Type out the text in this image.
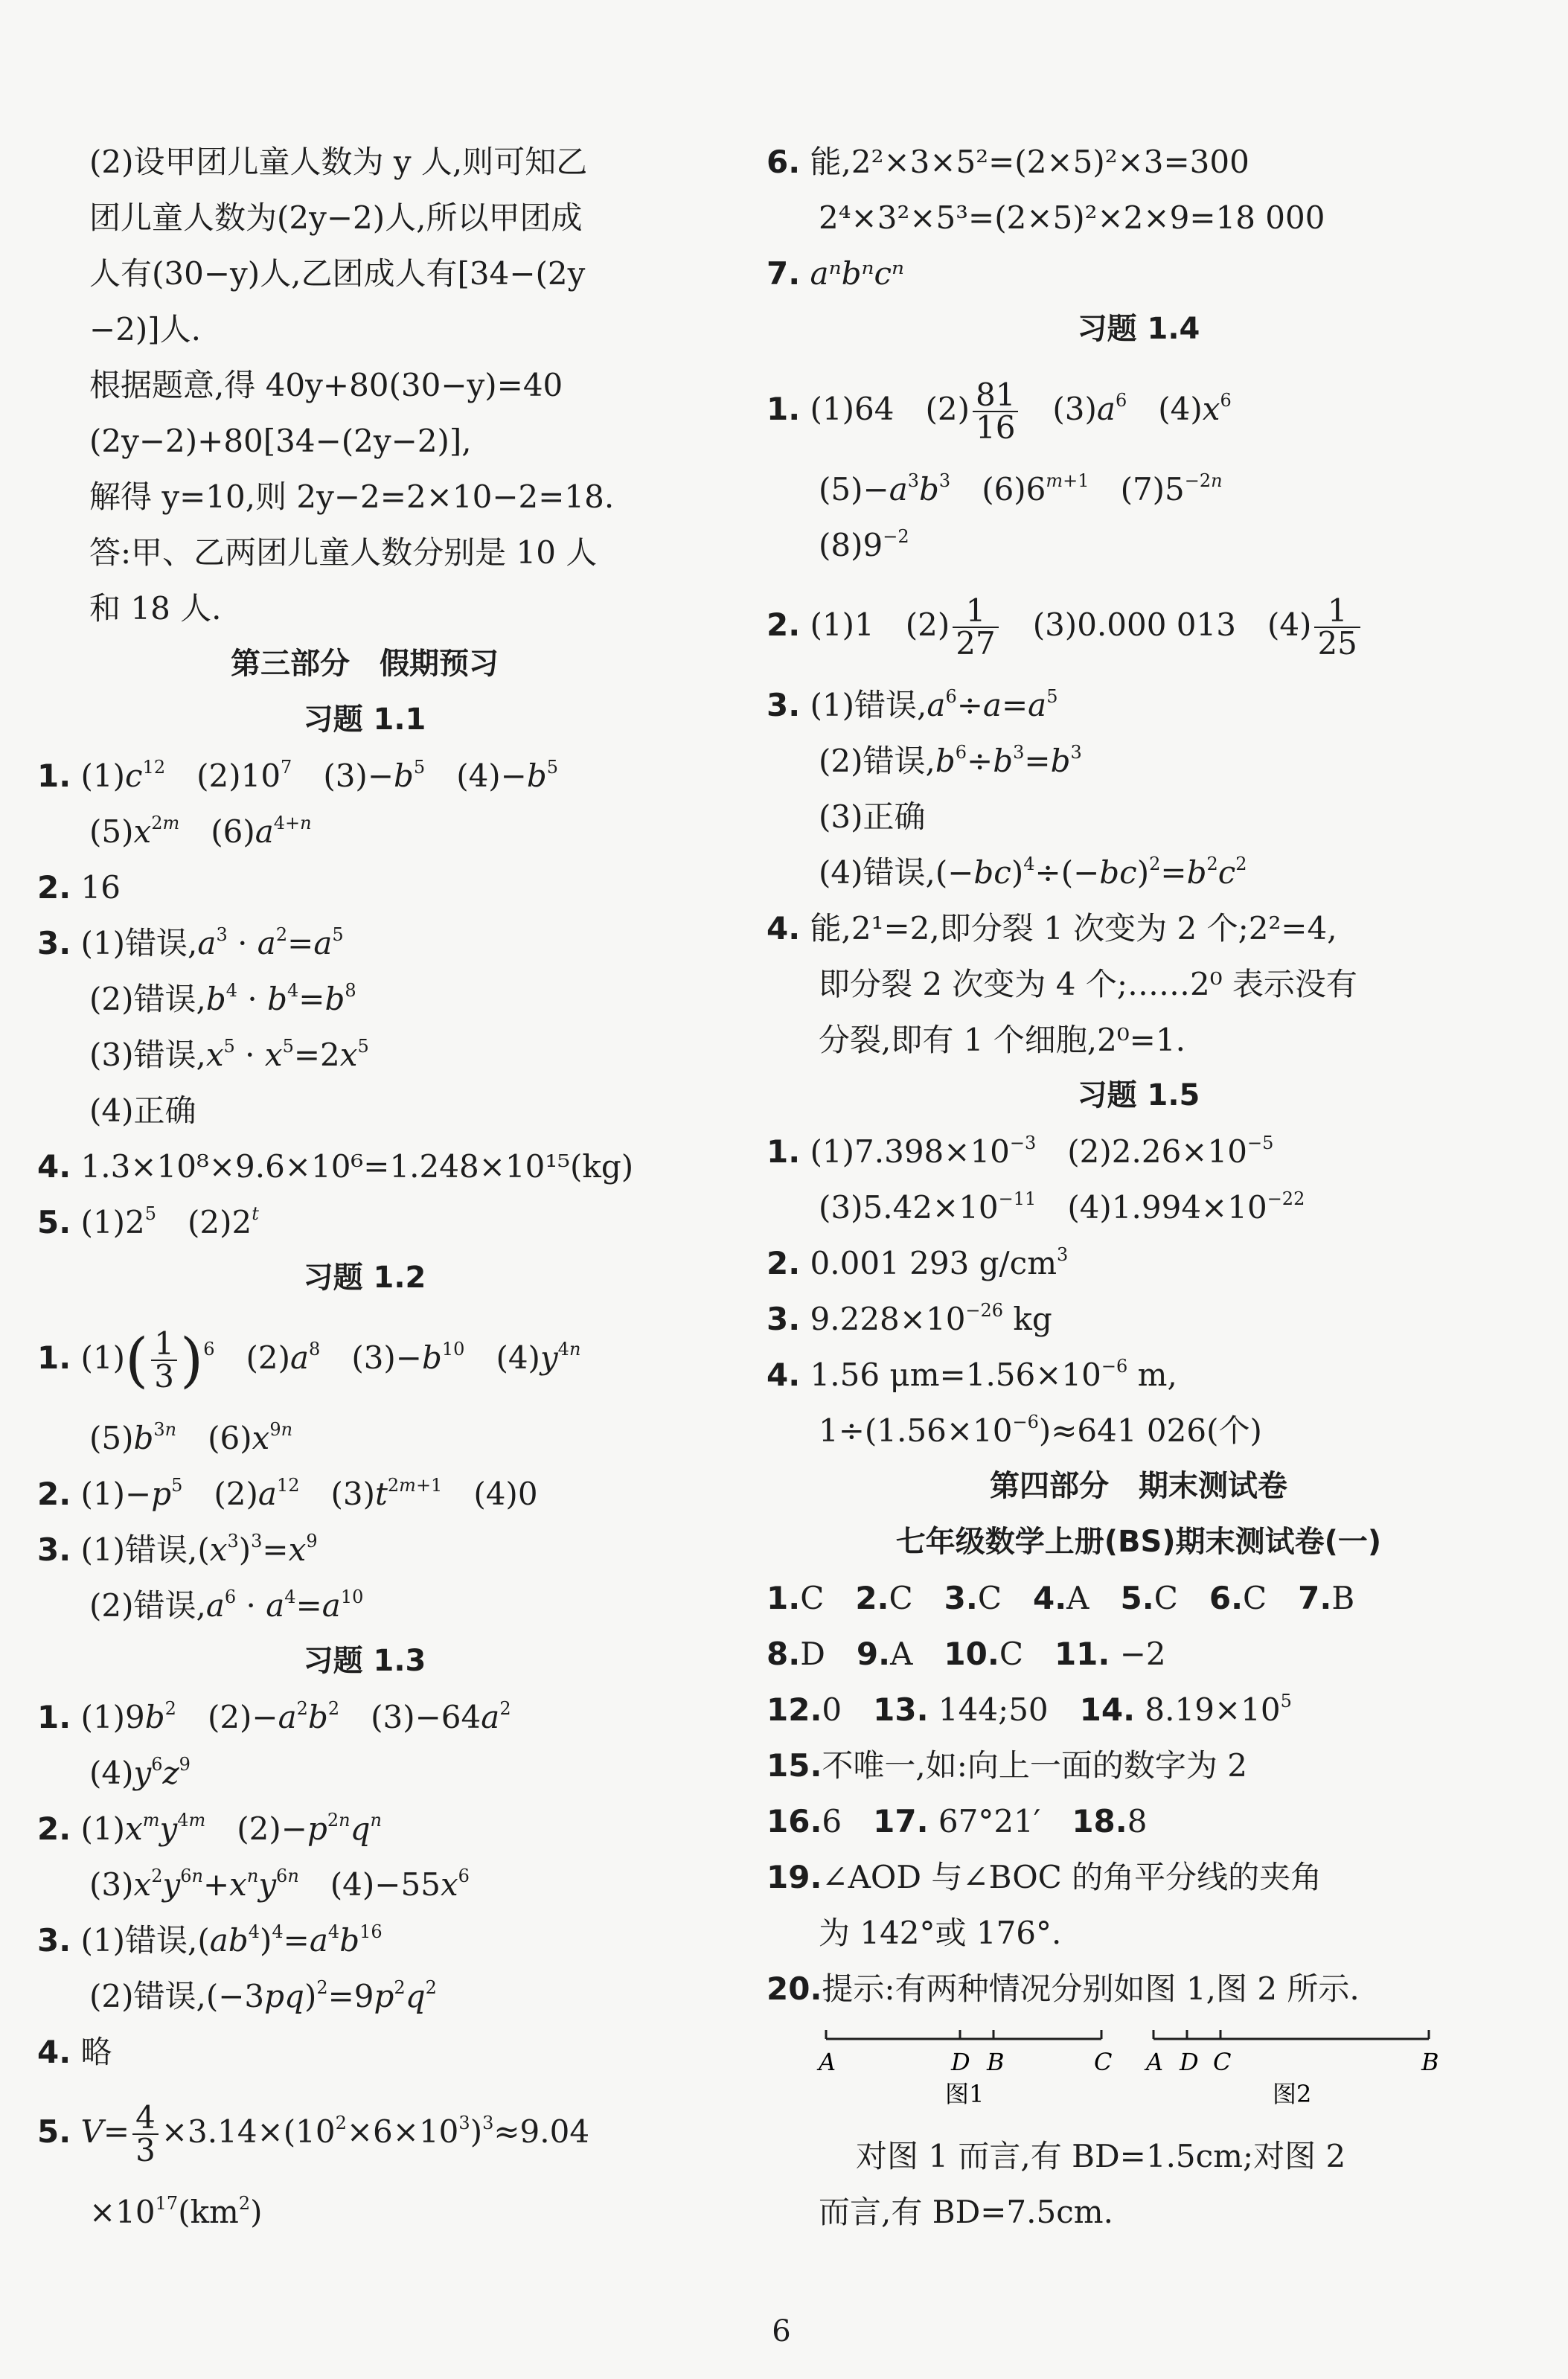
(2)设甲团儿童人数为 y 人,则可知乙
团儿童人数为(2y−2)人,所以甲团成
人有(30−y)人,乙团成人有[34−(2y
−2)]人.
根据题意,得 40y+80(30−y)=40
(2y−2)+80[34−(2y−2)],
解得 y=10,则 2y−2=2×10−2=18.
答:甲、乙两团儿童人数分别是 10 人
和 18 人.
第三部分　假期预习
习题 1.1
1. $(1)c^{12}$　$(2)10^7$　$(3)-b^5$　$(4)-b^5$
$(5)x^{2m}$　$(6)a^{4+n}$
2. 16
3. (1)错误$,a^3 \cdot a^2=a^5$
(2)错误$,b^4 \cdot b^4=b^8$
(3)错误$,x^5 \cdot x^5=2x^5$
(4)正确
4. 1.3×10⁸×9.6×10⁶=1.248×10¹⁵(kg)
5. $(1)2^5$　(2)2$^t$
习题 1.2
1. $(1)( \frac{1}{3} )^6$　$(2)a^8$　$(3)-b^{10}$　$(4)y^{4n}$
$(5)b^{3n}$　$(6)x^{9n}$
2. $(1)-p^5$　$(2)a^{12}$　$(3)t^{2m+1}$　(4)0
3. (1)错误$,(x^3)^3=x^9$
(2)错误$,a^6 \cdot a^4=a^{10}$
习题 1.3
1. $(1)9b^2$　$(2)-a^2b^2$　$(3)-64a^2$
$(4)y^6z^9$
2. $(1)x^my^{4m}$　$(2)-p^{2n}q^n$
$(3)x^2y^{6n}+x^ny^{6n}$　$(4)-55x^6$
3. (1)错误$,(ab^4)^4=a^4b^{16}$
(2)错误$,(-3pq)^2=9p^2q^2$
4. 略
5. $V= \frac{4}{3} \times 3.14\times(10^2\times 6\times 10^3)^3\approx 9.04$
$\times 10^{17}(km^2)$
6. 能,2²×3×5²=(2×5)²×3=300
2⁴×3²×5³=(2×5)²×2×9=18 000
7. aⁿbⁿcⁿ
习题 1.4
1. (1)64　$(2) \frac{81}{16}$ 　$(3)a^6$　$(4)x^6$
$(5)-a^3b^3$　$(6)6^{m+1}$　$(7)5^{-2n}$
$(8)9^{-2}$
2. (1)1　$(2) \frac{1}{27}$ 　(3)0.000 013　$(4) \frac{1}{25}$
3. (1)错误$,a^6\div a=a^5$
(2)错误$,b^6\div b^3=b^3$
(3)正确
(4)错误$,(-bc)^4\div(-bc)^2=b^2c^2$
4. 能,2¹=2,即分裂 1 次变为 2 个;2²=4,
即分裂 2 次变为 4 个;……2⁰ 表示没有
分裂,即有 1 个细胞,2⁰=1.
习题 1.5
1. $(1)7.398\times 10^{-3}$　$(2)2.26\times 10^{-5}$
$(3)5.42\times 10^{-11}$　$(4)1.994\times 10^{-22}$
2. 0.001 293 $g/cm^3$
3. $9.228\times 10^{-26}$ kg
4. 1.56 $\mu m=1.56\times 10^{-6}$ m,
$1\div(1.56\times 10^{-6})\approx 641$ 026(个)
第四部分　期末测试卷
七年级数学上册(BS)期末测试卷(一)
1.C　2.C　3.C　4.A　5.C　6.C　7.B
8.D　9.A　10.C　11. −2
12.0　13. 144;50　14. $8.19\times 10^5$
15.不唯一,如:向上一面的数字为 2
16.6　17. 67°21′　18.8
19.∠AOD 与∠BOC 的角平分线的夹角
为 142°或 176°.
20.提示:有两种情况分别如图 1,图 2 所示.
对图 1 而言,有 BD=1.5cm;对图 2
而言,有 BD=7.5cm.
A	D B	C
图1
A D C	B
图2
6
